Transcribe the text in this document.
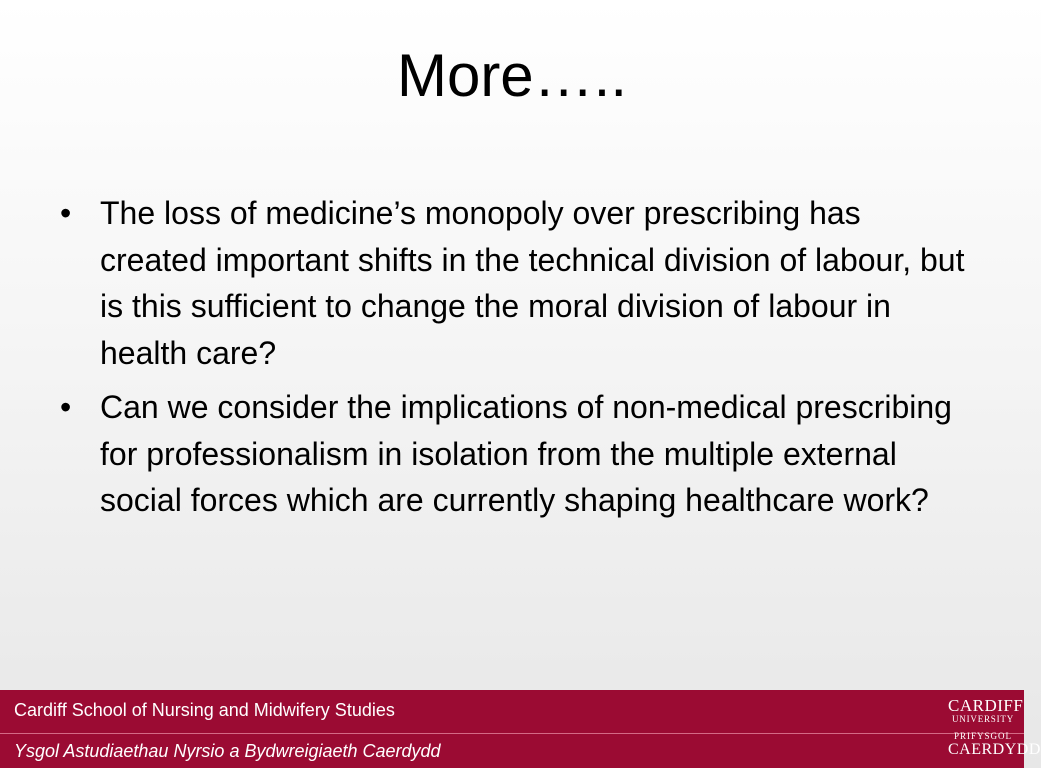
More…..
• The loss of medicine’s monopoly over prescribing has created important shifts in the technical division of labour, but is this sufficient to change the moral division of labour in health care?
• Can we consider the implications of non-medical prescribing for professionalism in isolation from the multiple external social forces which are currently shaping healthcare work?
Cardiff School of Nursing and Midwifery Studies
Ysgol Astudiaethau Nyrsio a Bydwreigiaeth Caerdydd
CARDIFF
UNIVERSITY
PRIFYSGOL
CAERDYDD
